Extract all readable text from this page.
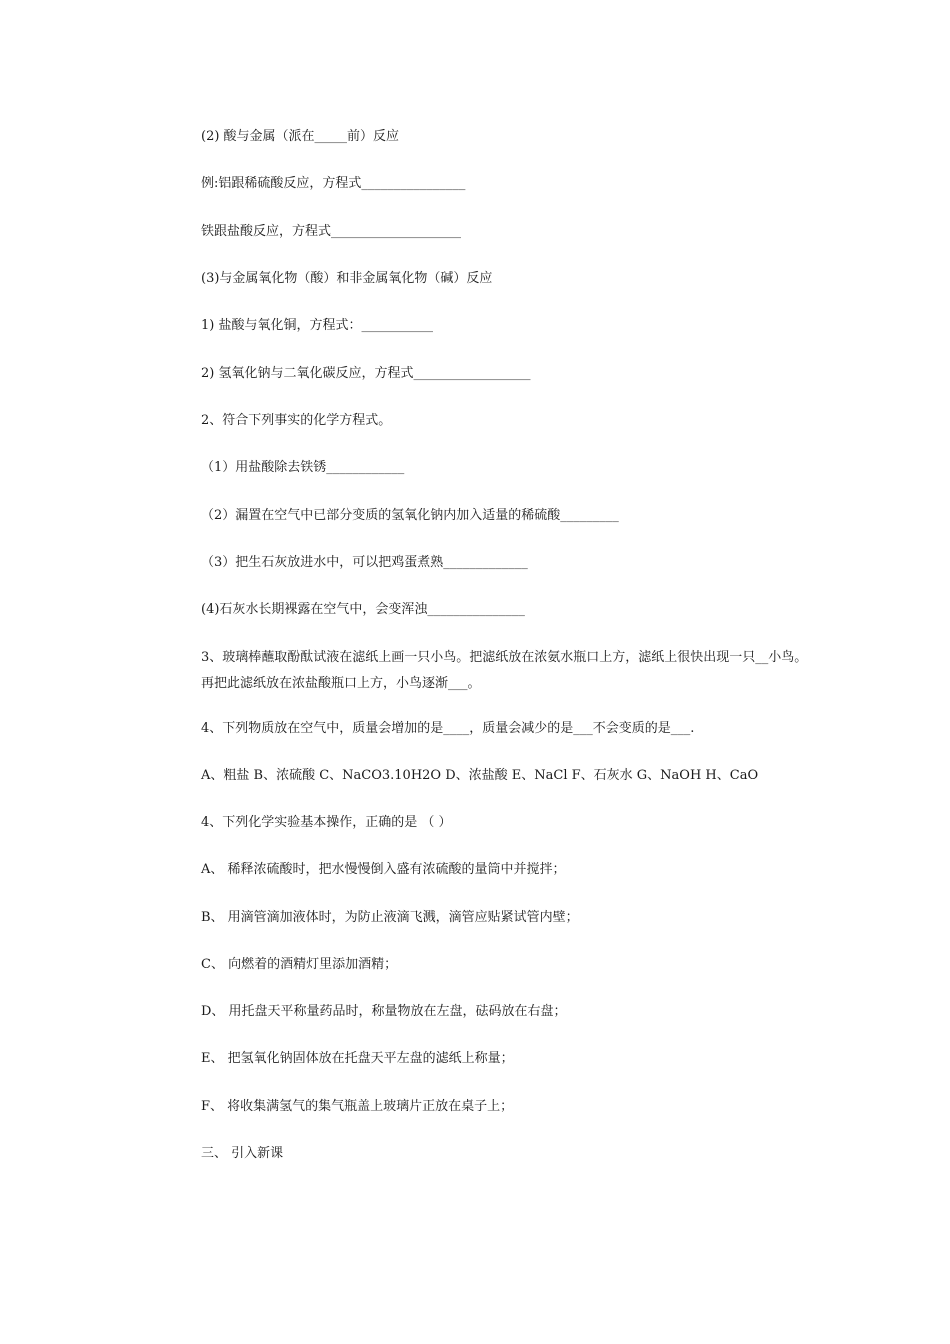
(2) 酸与金属（派在_____前）反应
例:铝跟稀硫酸反应，方程式________________
铁跟盐酸反应，方程式____________________
(3)与金属氧化物（酸）和非金属氧化物（碱）反应
1) 盐酸与氧化铜，方程式：___________
2) 氢氧化钠与二氧化碳反应，方程式__________________
2、符合下列事实的化学方程式。
（1）用盐酸除去铁锈____________
（2）漏置在空气中已部分变质的氢氧化钠内加入适量的稀硫酸_________
（3）把生石灰放进水中，可以把鸡蛋煮熟_____________
(4)石灰水长期裸露在空气中，会变浑浊_______________
3、玻璃棒蘸取酚酞试液在滤纸上画一只小鸟。把滤纸放在浓氨水瓶口上方，滤纸上很快出现一只__小鸟。再把此滤纸放在浓盐酸瓶口上方，小鸟逐渐___。
4、下列物质放在空气中，质量会增加的是____，质量会减少的是___不会变质的是___.
A、粗盐 B、浓硫酸 C、NaCO3.10H2O D、浓盐酸 E、NaCl F、石灰水 G、NaOH H、CaO
4、下列化学实验基本操作，正确的是 （ ）
A、 稀释浓硫酸时，把水慢慢倒入盛有浓硫酸的量筒中并搅拌；
B、 用滴管滴加液体时，为防止液滴飞溅，滴管应贴紧试管内壁；
C、 向燃着的酒精灯里添加酒精；
D、 用托盘天平称量药品时，称量物放在左盘，砝码放在右盘；
E、 把氢氧化钠固体放在托盘天平左盘的滤纸上称量；
F、 将收集满氢气的集气瓶盖上玻璃片正放在桌子上；
三、 引入新课
